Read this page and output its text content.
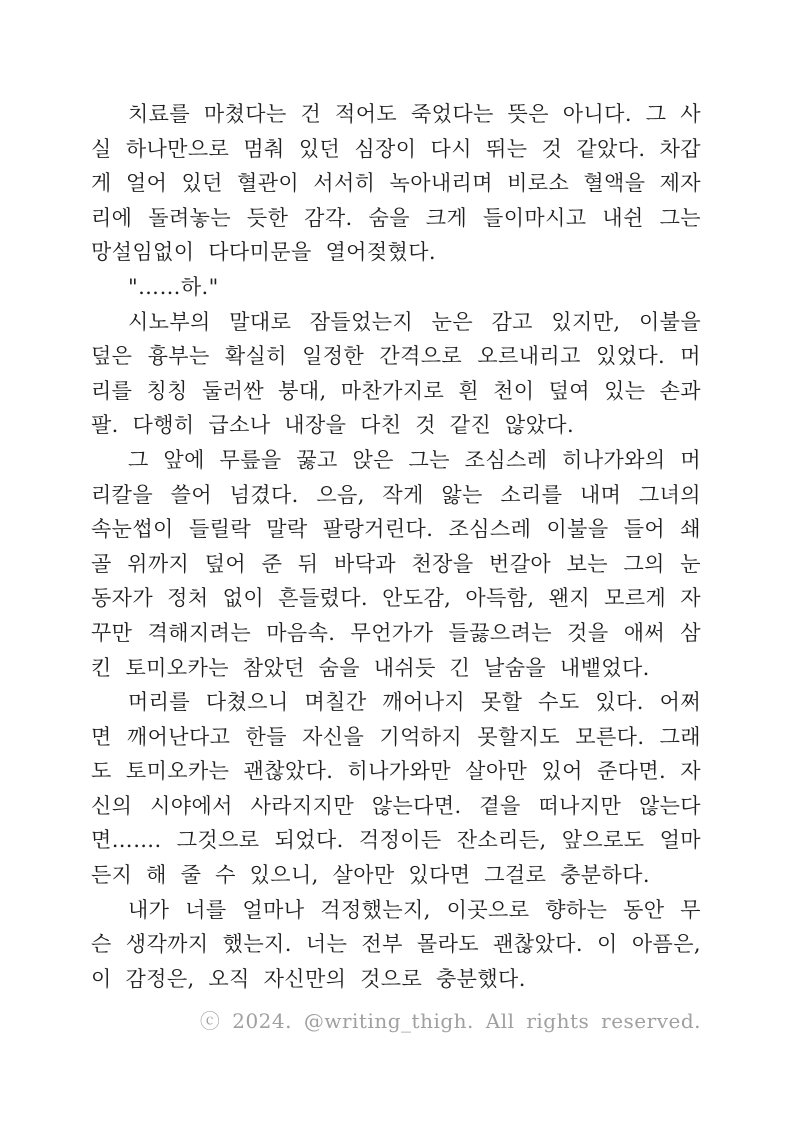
치료를 마쳤다는 건 적어도 죽었다는 뜻은 아니다. 그 사실 하나만으로 멈춰 있던 심장이 다시 뛰는 것 같았다. 차갑게 얼어 있던 혈관이 서서히 녹아내리며 비로소 혈액을 제자리에 돌려놓는 듯한 감각. 숨을 크게 들이마시고 내쉰 그는 망설임없이 다다미문을 열어젖혔다.

"……하."

시노부의 말대로 잠들었는지 눈은 감고 있지만, 이불을 덮은 흉부는 확실히 일정한 간격으로 오르내리고 있었다. 머리를 칭칭 둘러싼 붕대, 마찬가지로 흰 천이 덮여 있는 손과 팔. 다행히 급소나 내장을 다친 것 같진 않았다.

그 앞에 무릎을 꿇고 앉은 그는 조심스레 히나가와의 머리칼을 쓸어 넘겼다. 으음, 작게 앓는 소리를 내며 그녀의 속눈썹이 들릴락 말락 팔랑거린다. 조심스레 이불을 들어 쇄골 위까지 덮어 준 뒤 바닥과 천장을 번갈아 보는 그의 눈동자가 정처 없이 흔들렸다. 안도감, 아득함, 왠지 모르게 자꾸만 격해지려는 마음속. 무언가가 들끓으려는 것을 애써 삼킨 토미오카는 참았던 숨을 내쉬듯 긴 날숨을 내뱉었다.

머리를 다쳤으니 며칠간 깨어나지 못할 수도 있다. 어쩌면 깨어난다고 한들 자신을 기억하지 못할지도 모른다. 그래도 토미오카는 괜찮았다. 히나가와만 살아만 있어 준다면. 자신의 시야에서 사라지지만 않는다면. 곁을 떠나지만 않는다면……. 그것으로 되었다. 걱정이든 잔소리든, 앞으로도 얼마든지 해 줄 수 있으니, 살아만 있다면 그걸로 충분하다.

내가 너를 얼마나 걱정했는지, 이곳으로 향하는 동안 무슨 생각까지 했는지. 너는 전부 몰라도 괜찮았다. 이 아픔은, 이 감정은, 오직 자신만의 것으로 충분했다.

ⓒ 2024. @writing_thigh. All rights reserved.
